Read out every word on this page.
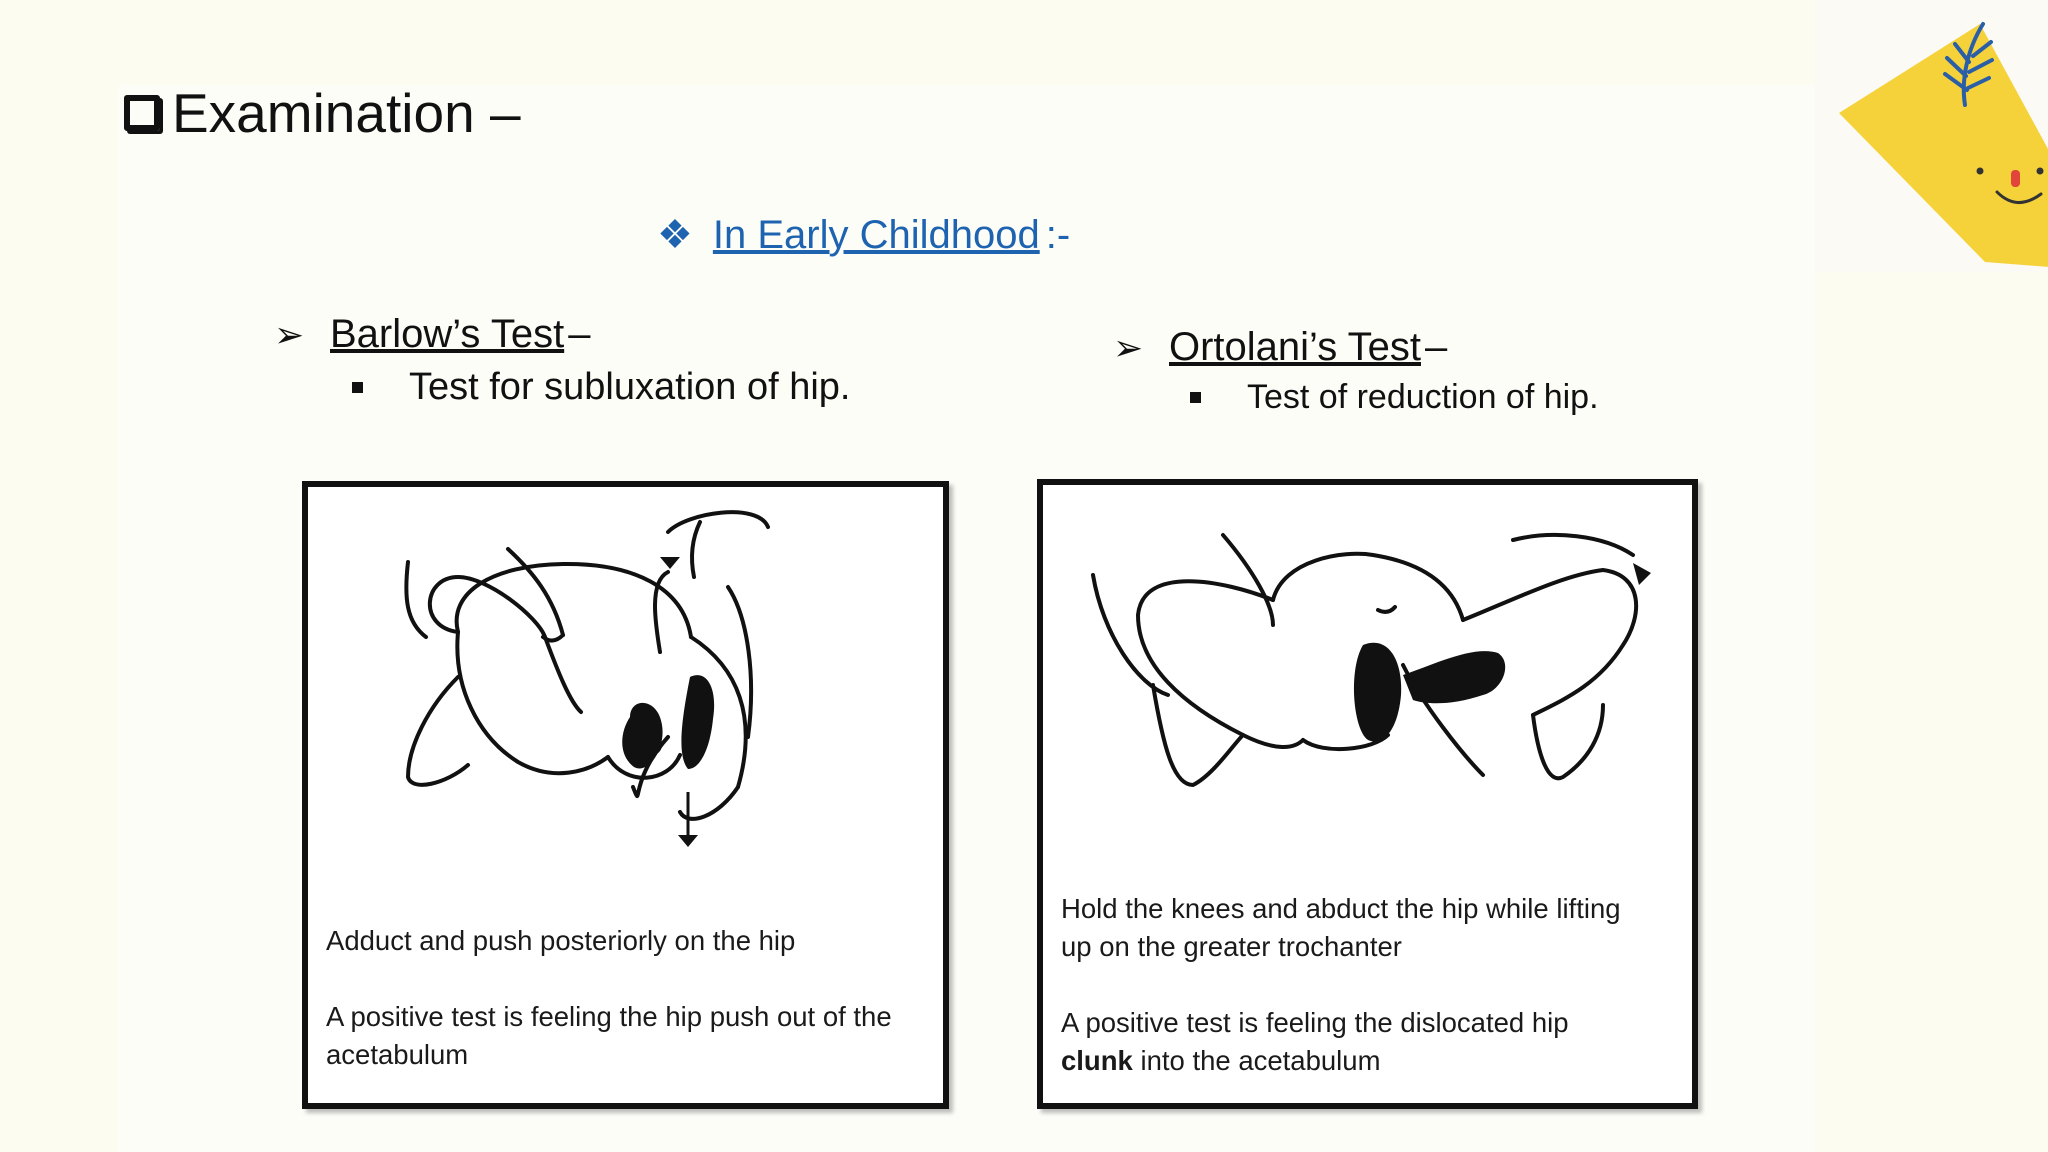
Examination –
❖ In Early Childhood :-
➢ Barlow’s Test –
Test for subluxation of hip.
➢ Ortolani’s Test –
Test of reduction of hip.

Adduct and push posteriorly on the hip

A positive test is feeling the hip push out of the

acetabulum

Hold the knees and abduct the hip while lifting

up on the greater trochanter

A positive test is feeling the dislocated hip

clunk into the acetabulum
